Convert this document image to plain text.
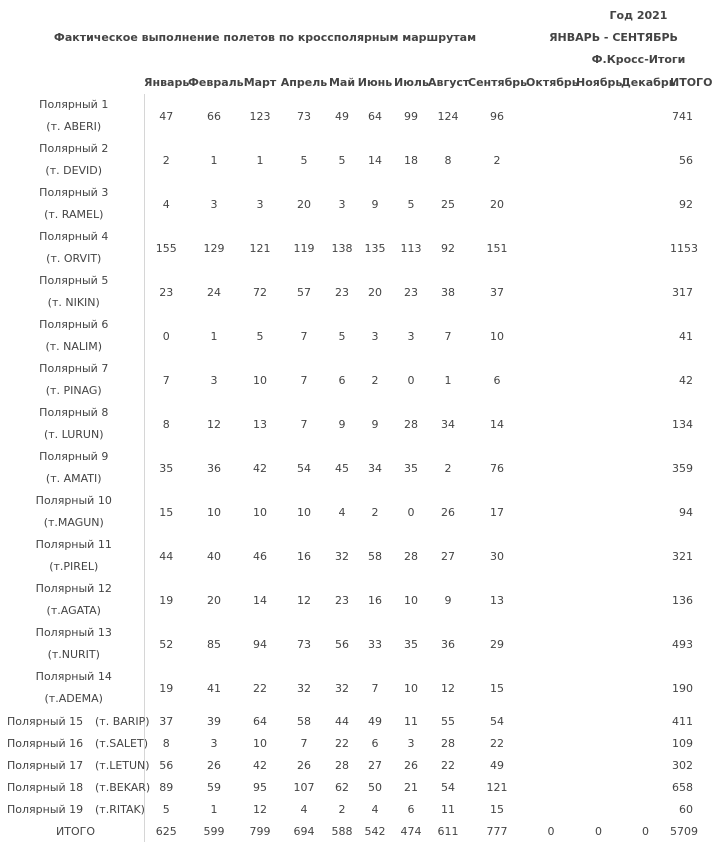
												Год 2021		
Фактическое выполнение полетов по кроссполярным маршрутам											ЯНВАРЬ - СЕНТЯБРЬ			
												Ф.Кросс-Итоги		
		Январь	Февраль	Март	Апрель	Май	Июнь	Июль	Август	Сентябрь	Октябрь	Ноябрь	Декабрь	ИТОГО

Полярный 1
(т. ABERI)		47	66	123	73	49	64	99	124	96				741

Полярный 2
(т. DEVID)		2	1	1	5	5	14	18	8	2				56

Полярный 3
(т. RAMEL)		4	3	3	20	3	9	5	25	20				92

Полярный 4
(т. ORVIT)		155	129	121	119	138	135	113	92	151				1153

Полярный 5
(т. NIKIN)		23	24	72	57	23	20	23	38	37				317

Полярный 6
(т. NALIM)		0	1	5	7	5	3	3	7	10				41

Полярный 7
(т. PINAG)		7	3	10	7	6	2	0	1	6				42

Полярный 8
(т. LURUN)		8	12	13	7	9	9	28	34	14				134

Полярный 9
(т. AMATI)		35	36	42	54	45	34	35	2	76				359

Полярный 10
(т.MAGUN)		15	10	10	10	4	2	0	26	17				94

Полярный 11
(т.PIREL)		44	40	46	16	32	58	28	27	30				321

Полярный 12
(т.AGATA)		19	20	14	12	23	16	10	9	13				136

Полярный 13
(т.NURIT)		52	85	94	73	56	33	35	36	29				493

Полярный 14
(т.ADEMA)		19	41	22	32	32	7	10	12	15				190
Полярный 15	(т. BARIP)	37	39	64	58	44	49	11	55	54				411
Полярный 16	(т.SALET)	8	3	10	7	22	6	3	28	22				109
Полярный 17	(т.LETUN)	56	26	42	26	28	27	26	22	49				302
Полярный 18	(т.BEKAR)	89	59	95	107	62	50	21	54	121				658
Полярный 19	(т.RITAK)	5	1	12	4	2	4	6	11	15				60
ИТОГО		625	599	799	694	588	542	474	611	777	0	0	0	5709
